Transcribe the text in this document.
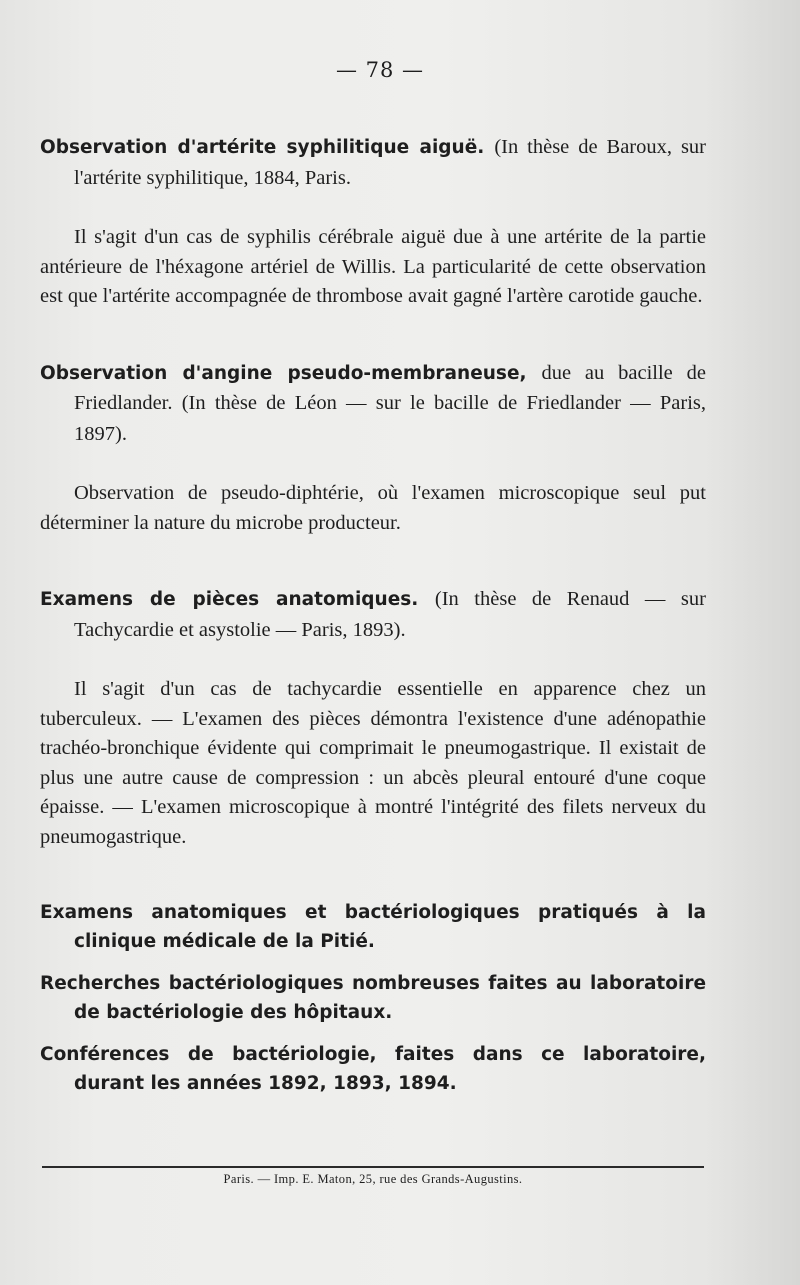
— 78 —

Observation d'artérite syphilitique aiguë. (In thèse de Baroux, sur l'artérite syphilitique, 1884, Paris.

Il s'agit d'un cas de syphilis cérébrale aiguë due à une artérite de la partie antérieure de l'héxagone artériel de Willis. La particularité de cette observation est que l'artérite accompagnée de thrombose avait gagné l'artère carotide gauche.

Observation d'angine pseudo-membraneuse, due au bacille de Friedlander. (In thèse de Léon — sur le bacille de Friedlander — Paris, 1897).

Observation de pseudo-diphtérie, où l'examen microscopique seul put déterminer la nature du microbe producteur.

Examens de pièces anatomiques. (In thèse de Renaud — sur Tachycardie et asystolie — Paris, 1893).

Il s'agit d'un cas de tachycardie essentielle en apparence chez un tuberculeux. — L'examen des pièces démontra l'existence d'une adénopathie trachéo-bronchique évidente qui comprimait le pneumogastrique. Il existait de plus une autre cause de compression : un abcès pleural entouré d'une coque épaisse. — L'examen microscopique à montré l'intégrité des filets nerveux du pneumogastrique.

Examens anatomiques et bactériologiques pratiqués à la clinique médicale de la Pitié.

Recherches bactériologiques nombreuses faites au laboratoire de bactériologie des hôpitaux.

Conférences de bactériologie, faites dans ce laboratoire, durant les années 1892, 1893, 1894.

Paris. — Imp. E. Maton, 25, rue des Grands-Augustins.
